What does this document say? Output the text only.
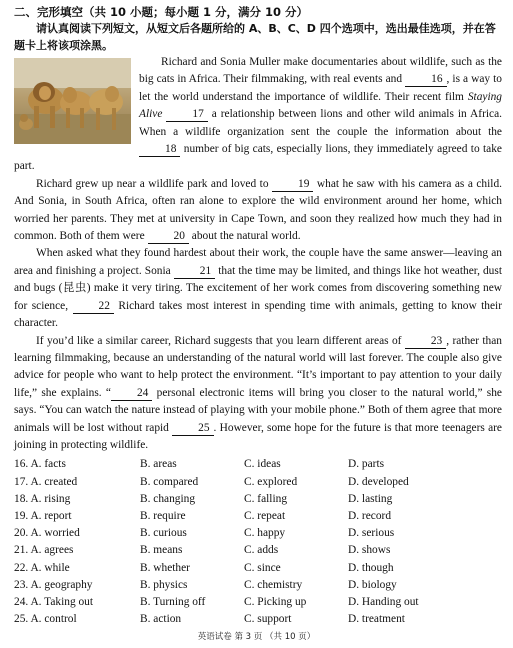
二、完形填空（共 10 小题；每小题 1 分，满分 10 分）

请认真阅读下列短文，从短文后各题所给的 A、B、C、D 四个选项中，选出最佳选项，并在答题卡上将该项涂黑。

Richard and Sonia Muller make documentaries about wildlife, such as the big cats in Africa. Their filmmaking, with real events and	16 , is a way to let the world understand the importance of wildlife. Their recent film Staying Alive	17 a relationship between lions and other wild animals in Africa. When a wildlife organization sent the couple the information about the 18 number of big cats, especially lions, they immediately agreed to take part.

Richard grew up near a wildlife park and loved to	19 what he saw with his camera as a child. And Sonia, in South Africa, often ran alone to explore the wild environment around her home, which worried her parents. They met at university in Cape Town, and soon they realized how much they had in common. Both of them were	20 about the natural world.

When asked what they found hardest about their work, the couple have the same answer—leaving an area and finishing a project. Sonia	21 that the time may be limited, and things like hot weather, dust and bugs (昆虫) make it very tiring. The excitement of her work comes from discovering something new for science,	22 Richard takes most interest in spending time with animals, getting to know their character.

If you’d like a similar career, Richard suggests that you learn different areas of	23 , rather than learning filmmaking, because an understanding of the natural world will last forever. The couple also give advice for people who want to help protect the environment. “It’s important to pay attention to your daily life,” she explains. “ 24 personal electronic items will bring you closer to the natural world,” she says. “You can watch the nature instead of playing with your mobile phone.” Both of them agree that more animals will be lost without rapid	25 . However, some hope for the future is that more teenagers are joining in protecting wildlife.

16. A. facts	B. areas	C. ideas	D. parts
17. A. created	B. compared	C. explored	D. developed
18. A. rising	B. changing	C. falling	D. lasting
19. A. report	B. require	C. repeat	D. record
20. A. worried	B. curious	C. happy	D. serious
21. A. agrees	B. means	C. adds	D. shows
22. A. while	B. whether	C. since	D. though
23. A. geography	B. physics	C. chemistry	D. biology
24. A. Taking out	B. Turning off	C. Picking up	D. Handing out
25. A. control	B. action	C. support	D. treatment
英语试卷 第 3 页 （共 10 页）
